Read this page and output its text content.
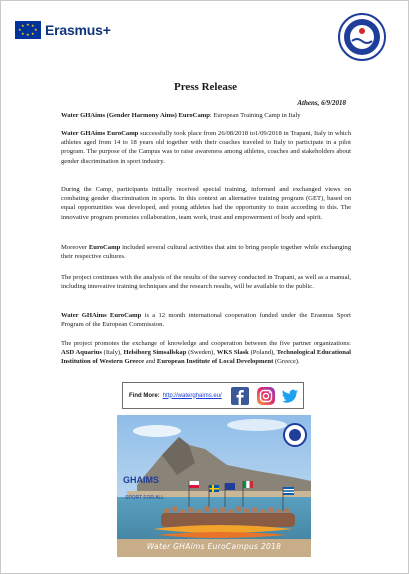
★ ★
★
★
★
★
★
★ Erasmus+
Press Release
Athens, 6/9/2018

Water GHAims (Gender Harmony Aims) EuroCamp: European Training Camp in Italy

Water GHAims EuroCamp successfully took place from 26/08/2018 to1/09/2018 in Trapani, Italy in which athletes aged from 14 to 18 years old together with their coaches traveled to Italy to participate in a pilot program. The purpose of the Campus was to raise awareness among athletes, coaches and stakeholders about gender discrimination in sport industry.

During the Camp, participants initially received special training, informed and exchanged views on combating gender discrimination in sports. In this context an alternative training program (GET), based on equal opportunities was developed, and young athletes had the opportunity to train according to this. The innovative program promotes collaboration, team work, trust and empowerment of body and spirit.

Moreover EuroCamp included several cultural activities that aim to bring people together while exchanging their respective cultures.

The project continues with the analysis of the results of the survey conducted in Trapani, as well as a manual, including innovative training techniques and the research results, will be available to the public.

Water GHAims EuroCamp is a 12 month international cooperation funded under the Erasmus Sport Program of the European Commission.

The project promotes the exchange of knowledge and cooperation between the five partner organizations: ASD Aquarius (Italy), Helsiborg Simsallskap (Sweden), WKS Slask (Poland), Technological Educational Institution of Western Greece and European Institute of Local Development (Greece).

Find More: http://waterghaims.eu/
GHAIMS
SPORT FOR ALL
Water GHAims EuroCampus 2018
